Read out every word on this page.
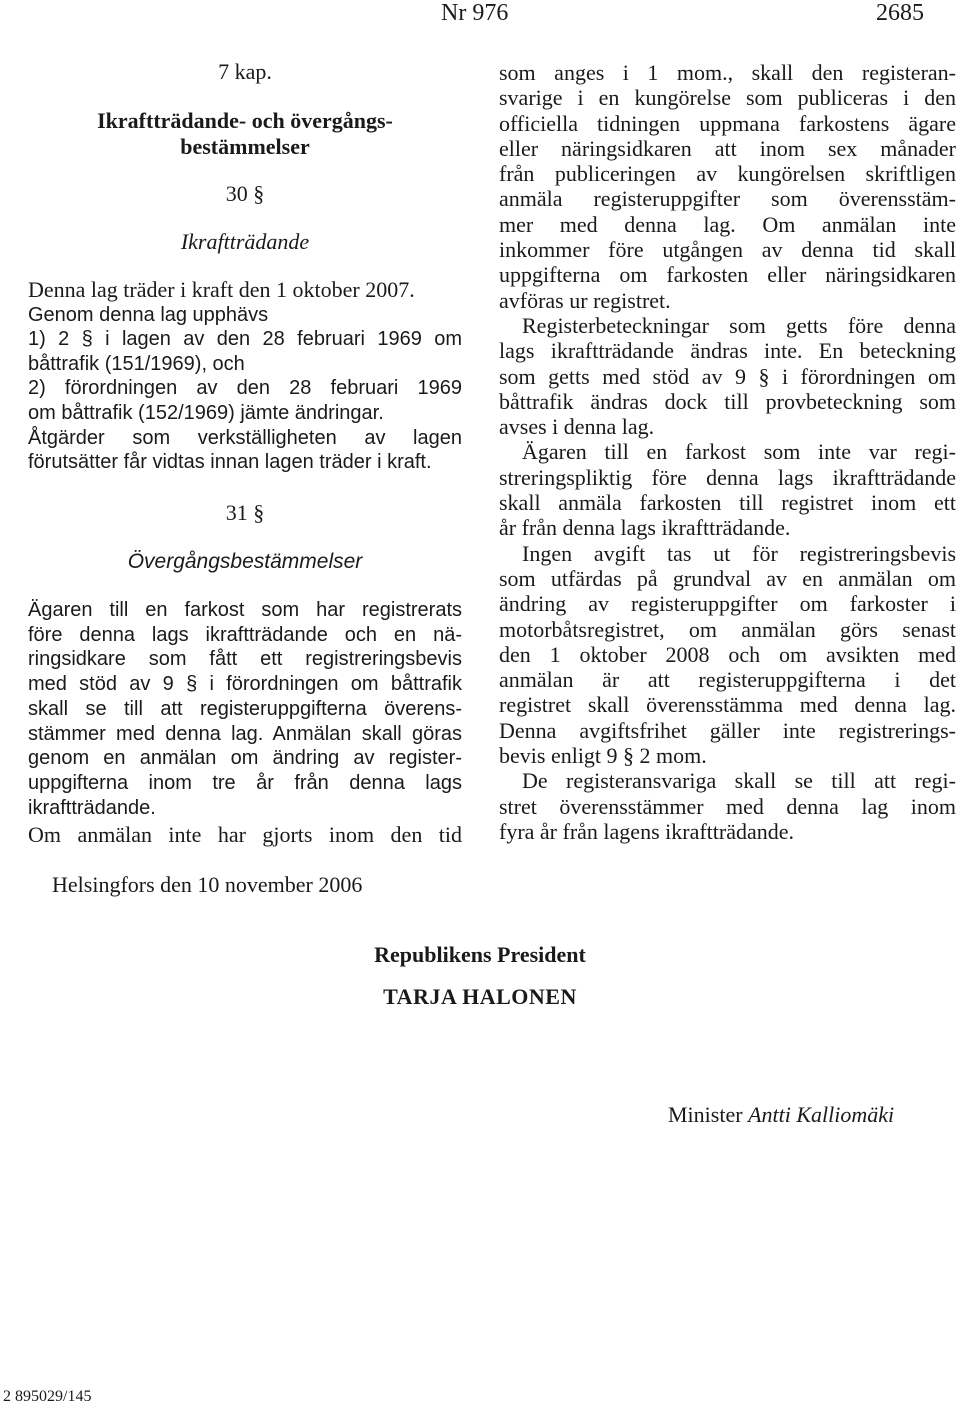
Nr 976	2685
7 kap.
Ikraftträdande- och övergångs-
bestämmelser
30 §
Ikraftträdande
Denna lag träder i kraft den 1 oktober 2007.
Genom denna lag upphävs
1) 2 § i lagen av den 28 februari 1969 om
båttrafik (151/1969), och
2) förordningen av den 28 februari 1969
om båttrafik (152/1969) jämte ändringar.
Åtgärder som verkställigheten av lagen
förutsätter får vidtas innan lagen träder i kraft.
31 §
Övergångsbestämmelser
Ägaren till en farkost som har registrerats
före denna lags ikraftträdande och en nä-
ringsidkare som fått ett registreringsbevis
med stöd av 9 § i förordningen om båttrafik
skall se till att registeruppgifterna överens-
stämmer med denna lag. Anmälan skall göras
genom en anmälan om ändring av register-
uppgifterna inom tre år från denna lags
ikraftträdande.
Om anmälan inte har gjorts inom den tid
som anges i 1 mom., skall den registeran-
svarige i en kungörelse som publiceras i den
officiella tidningen uppmana farkostens ägare
eller näringsidkaren att inom sex månader
från publiceringen av kungörelsen skriftligen
anmäla registeruppgifter som överensstäm-
mer med denna lag. Om anmälan inte
inkommer före utgången av denna tid skall
uppgifterna om farkosten eller näringsidkaren
avföras ur registret.
Registerbeteckningar som getts före denna
lags ikraftträdande ändras inte. En beteckning
som getts med stöd av 9 § i förordningen om
båttrafik ändras dock till provbeteckning som
avses i denna lag.
Ägaren till en farkost som inte var regi-
streringspliktig före denna lags ikraftträdande
skall anmäla farkosten till registret inom ett
år från denna lags ikraftträdande.
Ingen avgift tas ut för registreringsbevis
som utfärdas på grundval av en anmälan om
ändring av registeruppgifter om farkoster i
motorbåtsregistret, om anmälan görs senast
den 1 oktober 2008 och om avsikten med
anmälan är att registeruppgifterna i det
registret skall överensstämma med denna lag.
Denna avgiftsfrihet gäller inte registrerings-
bevis enligt 9 § 2 mom.
De registeransvariga skall se till att regi-
stret överensstämmer med denna lag inom
fyra år från lagens ikraftträdande.
Helsingfors den 10 november 2006
Republikens President
TARJA HALONEN
Minister Antti Kalliomäki
2 895029/145
